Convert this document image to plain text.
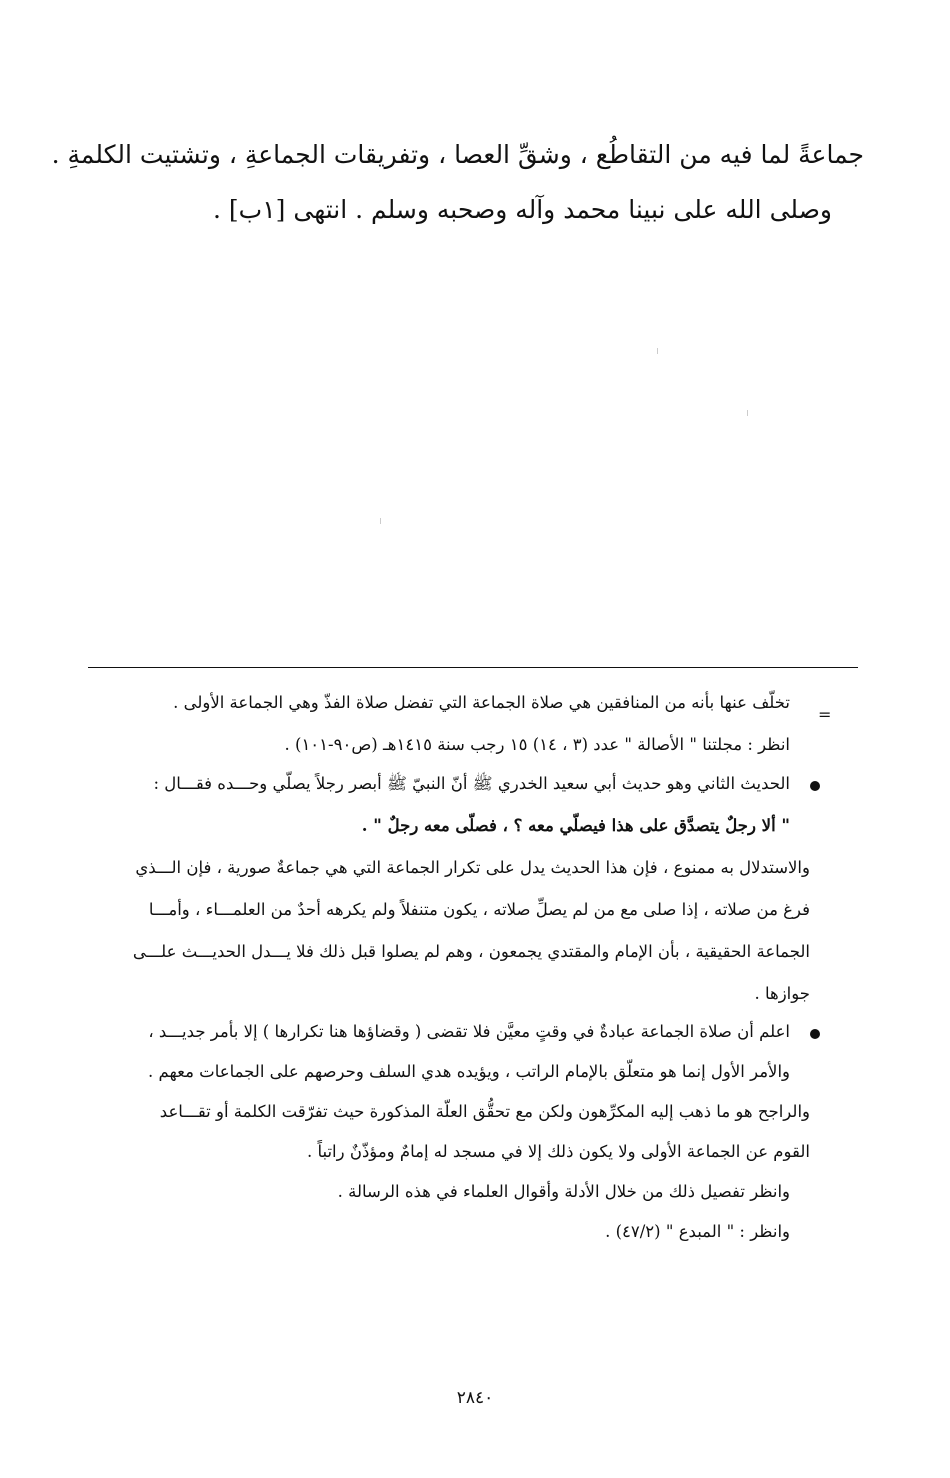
جماعةً لما فيه من التقاطُع ، وشقِّ العصا ، وتفريقات الجماعةِ ، وتشتيت الكلمةِ .
وصلى الله على نبينا محمد وآله وصحبه وسلم . انتهى [١ب] .
=
تخلّف عنها بأنه من المنافقين هي صلاة الجماعة التي تفضل صلاة الفذّ وهي الجماعة الأولى .
انظر : مجلتنا " الأصالة " عدد (٣ ، ١٤) ١٥ رجب سنة ١٤١٥هـ (ص٩٠-١٠١) .
الحديث الثاني وهو حديث أبي سعيد الخدري ﷺ أنّ النبيّ ﷺ أبصر رجلاً يصلّي وحـــده فقـــال :
" ألا رجلٌ يتصدَّق على هذا فيصلّي معه ؟ ، فصلّى معه رجلٌ " .
والاستدلال به ممنوع ، فإن هذا الحديث يدل على تكرار الجماعة التي هي جماعةٌ صورية ، فإن الـــذي
فرغ من صلاته ، إذا صلى مع من لم يصلِّ صلاته ، يكون متنفلاً ولم يكرهه أحدٌ من العلمـــاء ، وأمـــا
الجماعة الحقيقية ، بأن الإمام والمقتدي يجمعون ، وهم لم يصلوا قبل ذلك فلا يـــدل الحديـــث علـــى
جوازها .
اعلم أن صلاة الجماعة عبادةٌ في وقتٍ معيَّن فلا تقضى ( وقضاؤها هنا تكرارها ) إلا بأمر جديـــد ،
والأمر الأول إنما هو متعلّق بالإمام الراتب ، ويؤيده هدي السلف وحرصهم على الجماعات معهم .
والراجح هو ما ذهب إليه المكرِّهون ولكن مع تحقُّق العلّة المذكورة حيث تفرّقت الكلمة أو تقـــاعد
القوم عن الجماعة الأولى ولا يكون ذلك إلا في مسجد له إمامٌ ومؤذّنٌ راتباً .
وانظر تفصيل ذلك من خلال الأدلة وأقوال العلماء في هذه الرسالة .
وانظر : " المبدع " (٤٧/٢) .
٢٨٤٠
